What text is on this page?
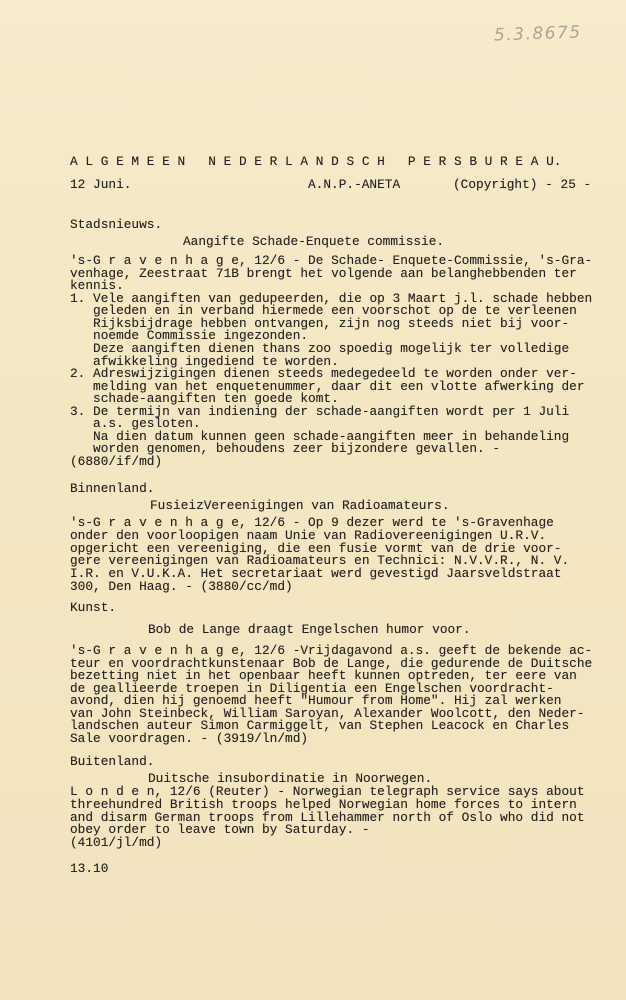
5.3.8675
A L G E M E E N   N E D E R L A N D S C H   P E R S B U R E A U.
12 Juni.	A.N.P.-ANETA	(Copyright) - 25 -
Stadsnieuws.
Aangifte Schade-Enquete commissie.
's-G r a v e n h a g e, 12/6 - De Schade- Enquete-Commissie, 's-Gra-
venhage, Zeestraat 71B brengt het volgende aan belanghebbenden ter
kennis.
1. Vele aangiften van gedupeerden, die op 3 Maart j.l. schade hebben
geleden en in verband hiermede een voorschot op de te verleenen
Rijksbijdrage hebben ontvangen, zijn nog steeds niet bij voor-
noemde Commissie ingezonden.
Deze aangiften dienen thans zoo spoedig mogelijk ter volledige
afwikkeling ingediend te worden.
2. Adreswijzigingen dienen steeds medegedeeld te worden onder ver-
melding van het enquetenummer, daar dit een vlotte afwerking der
schade-aangiften ten goede komt.
3. De termijn van indiening der schade-aangiften wordt per 1 Juli
a.s. gesloten.
Na dien datum kunnen geen schade-aangiften meer in behandeling
worden genomen, behoudens zeer bijzondere gevallen. -
(6880/if/md)
Binnenland.
FusieizVereenigingen van Radioamateurs.
's-G r a v e n h a g e, 12/6 - Op 9 dezer werd te 's-Gravenhage
onder den voorloopigen naam Unie van Radiovereenigingen U.R.V.
opgericht een vereeniging, die een fusie vormt van de drie voor-
gere vereenigingen van Radioamateurs en Technici: N.V.V.R., N. V.
I.R. en V.U.K.A. Het secretariaat werd gevestigd Jaarsveldstraat
300, Den Haag. - (3880/cc/md)
Kunst.
Bob de Lange draagt Engelschen humor voor.
's-G r a v e n h a g e, 12/6 -Vrijdagavond a.s. geeft de bekende ac-
teur en voordrachtkunstenaar Bob de Lange, die gedurende de Duitsche
bezetting niet in het openbaar heeft kunnen optreden, ter eere van
de geallieerde troepen in Diligentia een Engelschen voordracht-
avond, dien hij genoemd heeft "Humour from Home". Hij zal werken
van John Steinbeck, William Saroyan, Alexander Woolcott, den Neder-
landschen auteur Simon Carmiggelt, van Stephen Leacock en Charles
Sale voordragen. - (3919/ln/md)
Buitenland.
Duitsche insubordinatie in Noorwegen.
L o n d e n, 12/6 (Reuter) - Norwegian telegraph service says about
threehundred British troops helped Norwegian home forces to intern
and disarm German troops from Lillehammer north of Oslo who did not
obey order to leave town by Saturday. -
(4101/jl/md)
13.10
